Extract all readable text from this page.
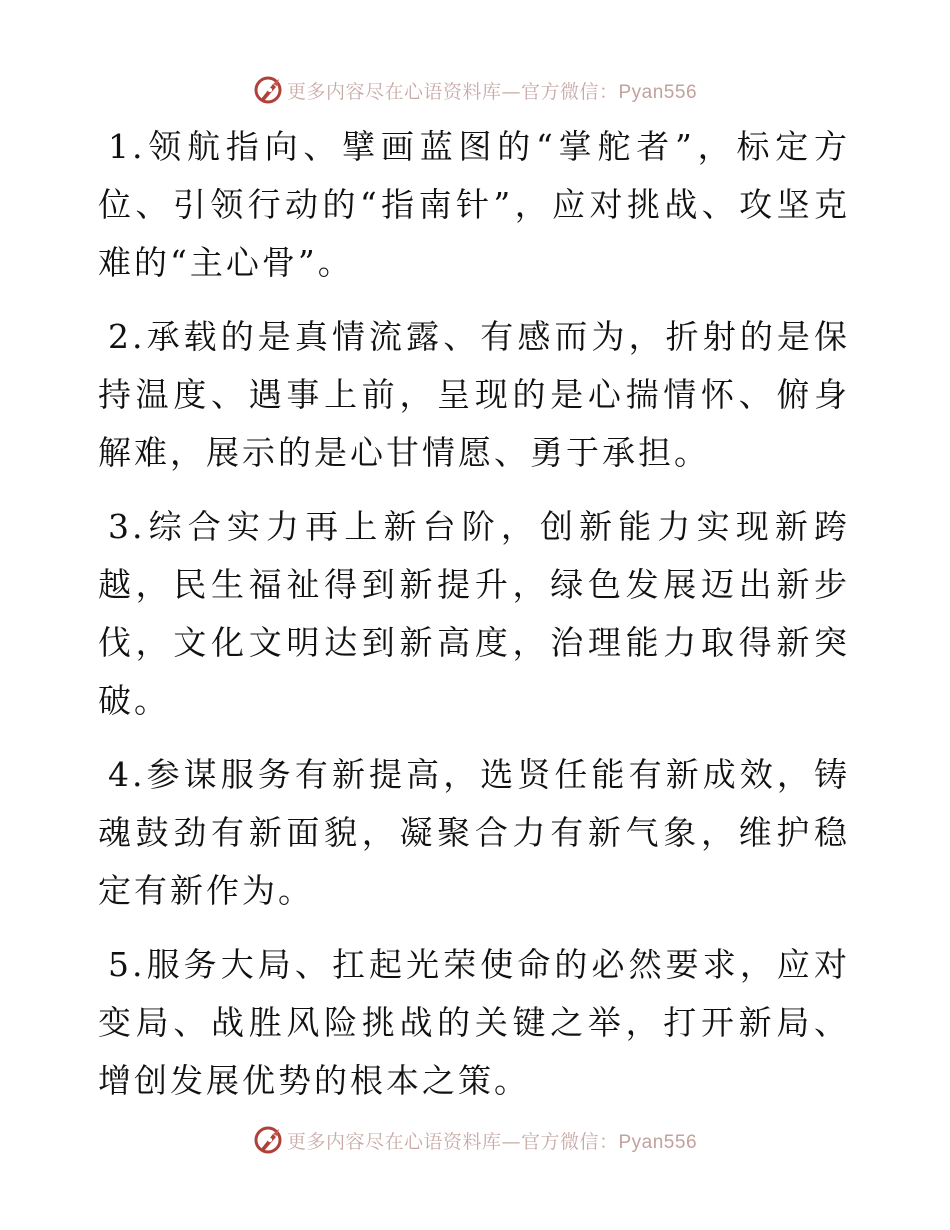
更多内容尽在心语资料库—官方微信：Pyan556

1.领航指向、擘画蓝图的“掌舵者”，标定方位、引领行动的“指南针”，应对挑战、攻坚克难的“主心骨”。

2.承载的是真情流露、有感而为，折射的是保持温度、遇事上前，呈现的是心揣情怀、俯身解难，展示的是心甘情愿、勇于承担。

3.综合实力再上新台阶，创新能力实现新跨越，民生福祉得到新提升，绿色发展迈出新步伐，文化文明达到新高度，治理能力取得新突破。

4.参谋服务有新提高，选贤任能有新成效，铸魂鼓劲有新面貌，凝聚合力有新气象，维护稳定有新作为。

5.服务大局、扛起光荣使命的必然要求，应对变局、战胜风险挑战的关键之举，打开新局、增创发展优势的根本之策。

更多内容尽在心语资料库—官方微信：Pyan556
